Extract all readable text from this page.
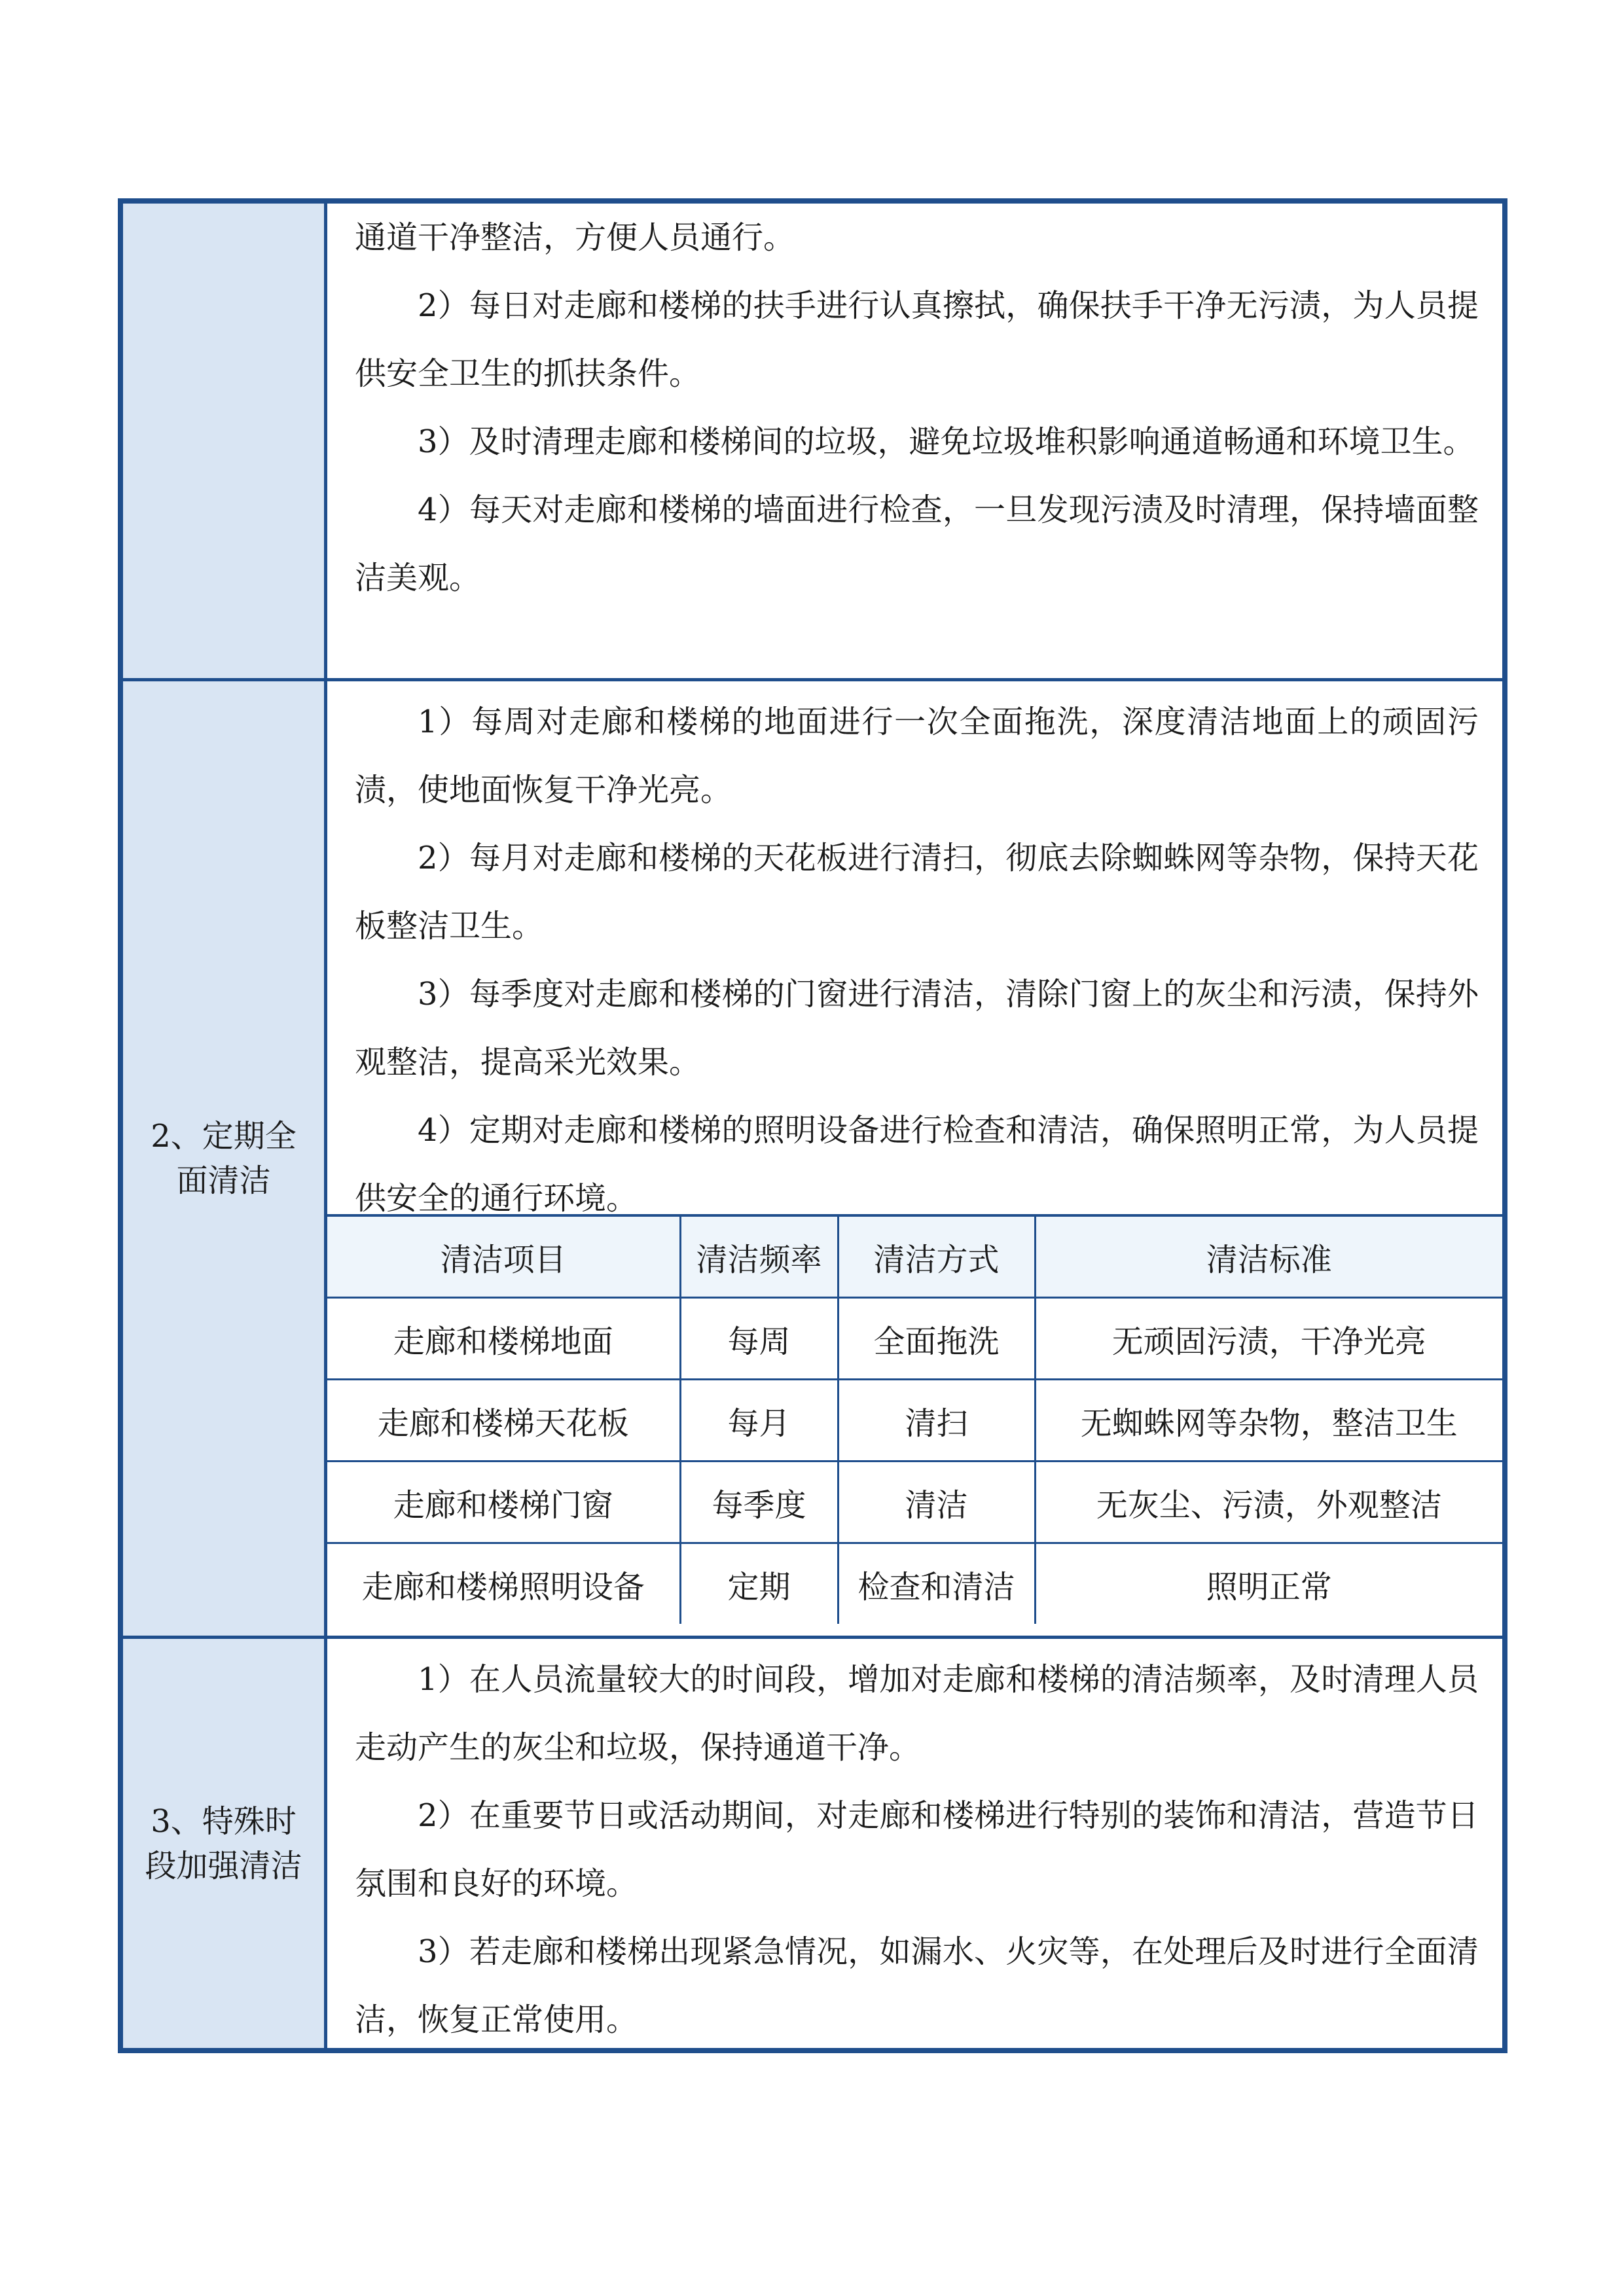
通道干净整洁，方便人员通行。

2）每日对走廊和楼梯的扶手进行认真擦拭，确保扶手干净无污渍，为人员提供安全卫生的抓扶条件。

3）及时清理走廊和楼梯间的垃圾，避免垃圾堆积影响通道畅通和环境卫生。

4）每天对走廊和楼梯的墙面进行检查，一旦发现污渍及时清理，保持墙面整洁美观。

2、定期全面清洁

1）每周对走廊和楼梯的地面进行一次全面拖洗，深度清洁地面上的顽固污渍，使地面恢复干净光亮。

2）每月对走廊和楼梯的天花板进行清扫，彻底去除蜘蛛网等杂物，保持天花板整洁卫生。

3）每季度对走廊和楼梯的门窗进行清洁，清除门窗上的灰尘和污渍，保持外观整洁，提高采光效果。

4）定期对走廊和楼梯的照明设备进行检查和清洁，确保照明正常，为人员提供安全的通行环境。

清洁项目	清洁频率	清洁方式	清洁标准
走廊和楼梯地面	每周	全面拖洗	无顽固污渍，干净光亮
走廊和楼梯天花板	每月	清扫	无蜘蛛网等杂物，整洁卫生
走廊和楼梯门窗	每季度	清洁	无灰尘、污渍，外观整洁
走廊和楼梯照明设备	定期	检查和清洁	照明正常
3、特殊时段加强清洁

1）在人员流量较大的时间段，增加对走廊和楼梯的清洁频率，及时清理人员走动产生的灰尘和垃圾，保持通道干净。

2）在重要节日或活动期间，对走廊和楼梯进行特别的装饰和清洁，营造节日氛围和良好的环境。

3）若走廊和楼梯出现紧急情况，如漏水、火灾等，在处理后及时进行全面清洁，恢复正常使用。
